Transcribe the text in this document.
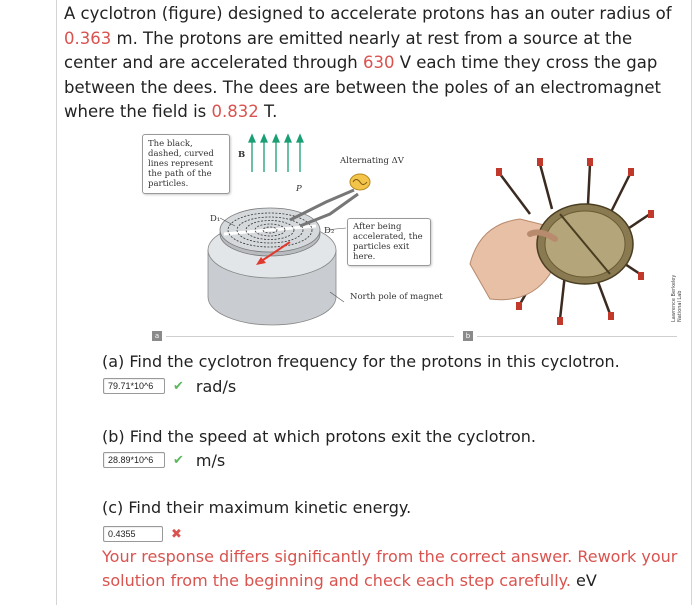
A cyclotron (figure) designed to accelerate protons has an outer radius of 0.363 m. The protons are emitted nearly at rest from a source at the center and are accelerated through 630 V each time they cross the gap between the dees. The dees are between the poles of an electromagnet where the field is 0.832 T.
The black, dashed, curved lines represent the path of the particles.
B
Alternating ΔV
P
D₁
D₂	After being accelerated, the particles exit here.
North pole of magnet	Lawrence Berkeley National Lab
a	b
(a) Find the cyclotron frequency for the protons in this cyclotron.
79.71*10^6	✔ rad/s
(b) Find the speed at which protons exit the cyclotron.
28.89*10^6	✔ m/s
(c) Find their maximum kinetic energy.
0.4355	✖
Your response differs significantly from the correct answer. Rework your solution from the beginning and check each step carefully. eV
